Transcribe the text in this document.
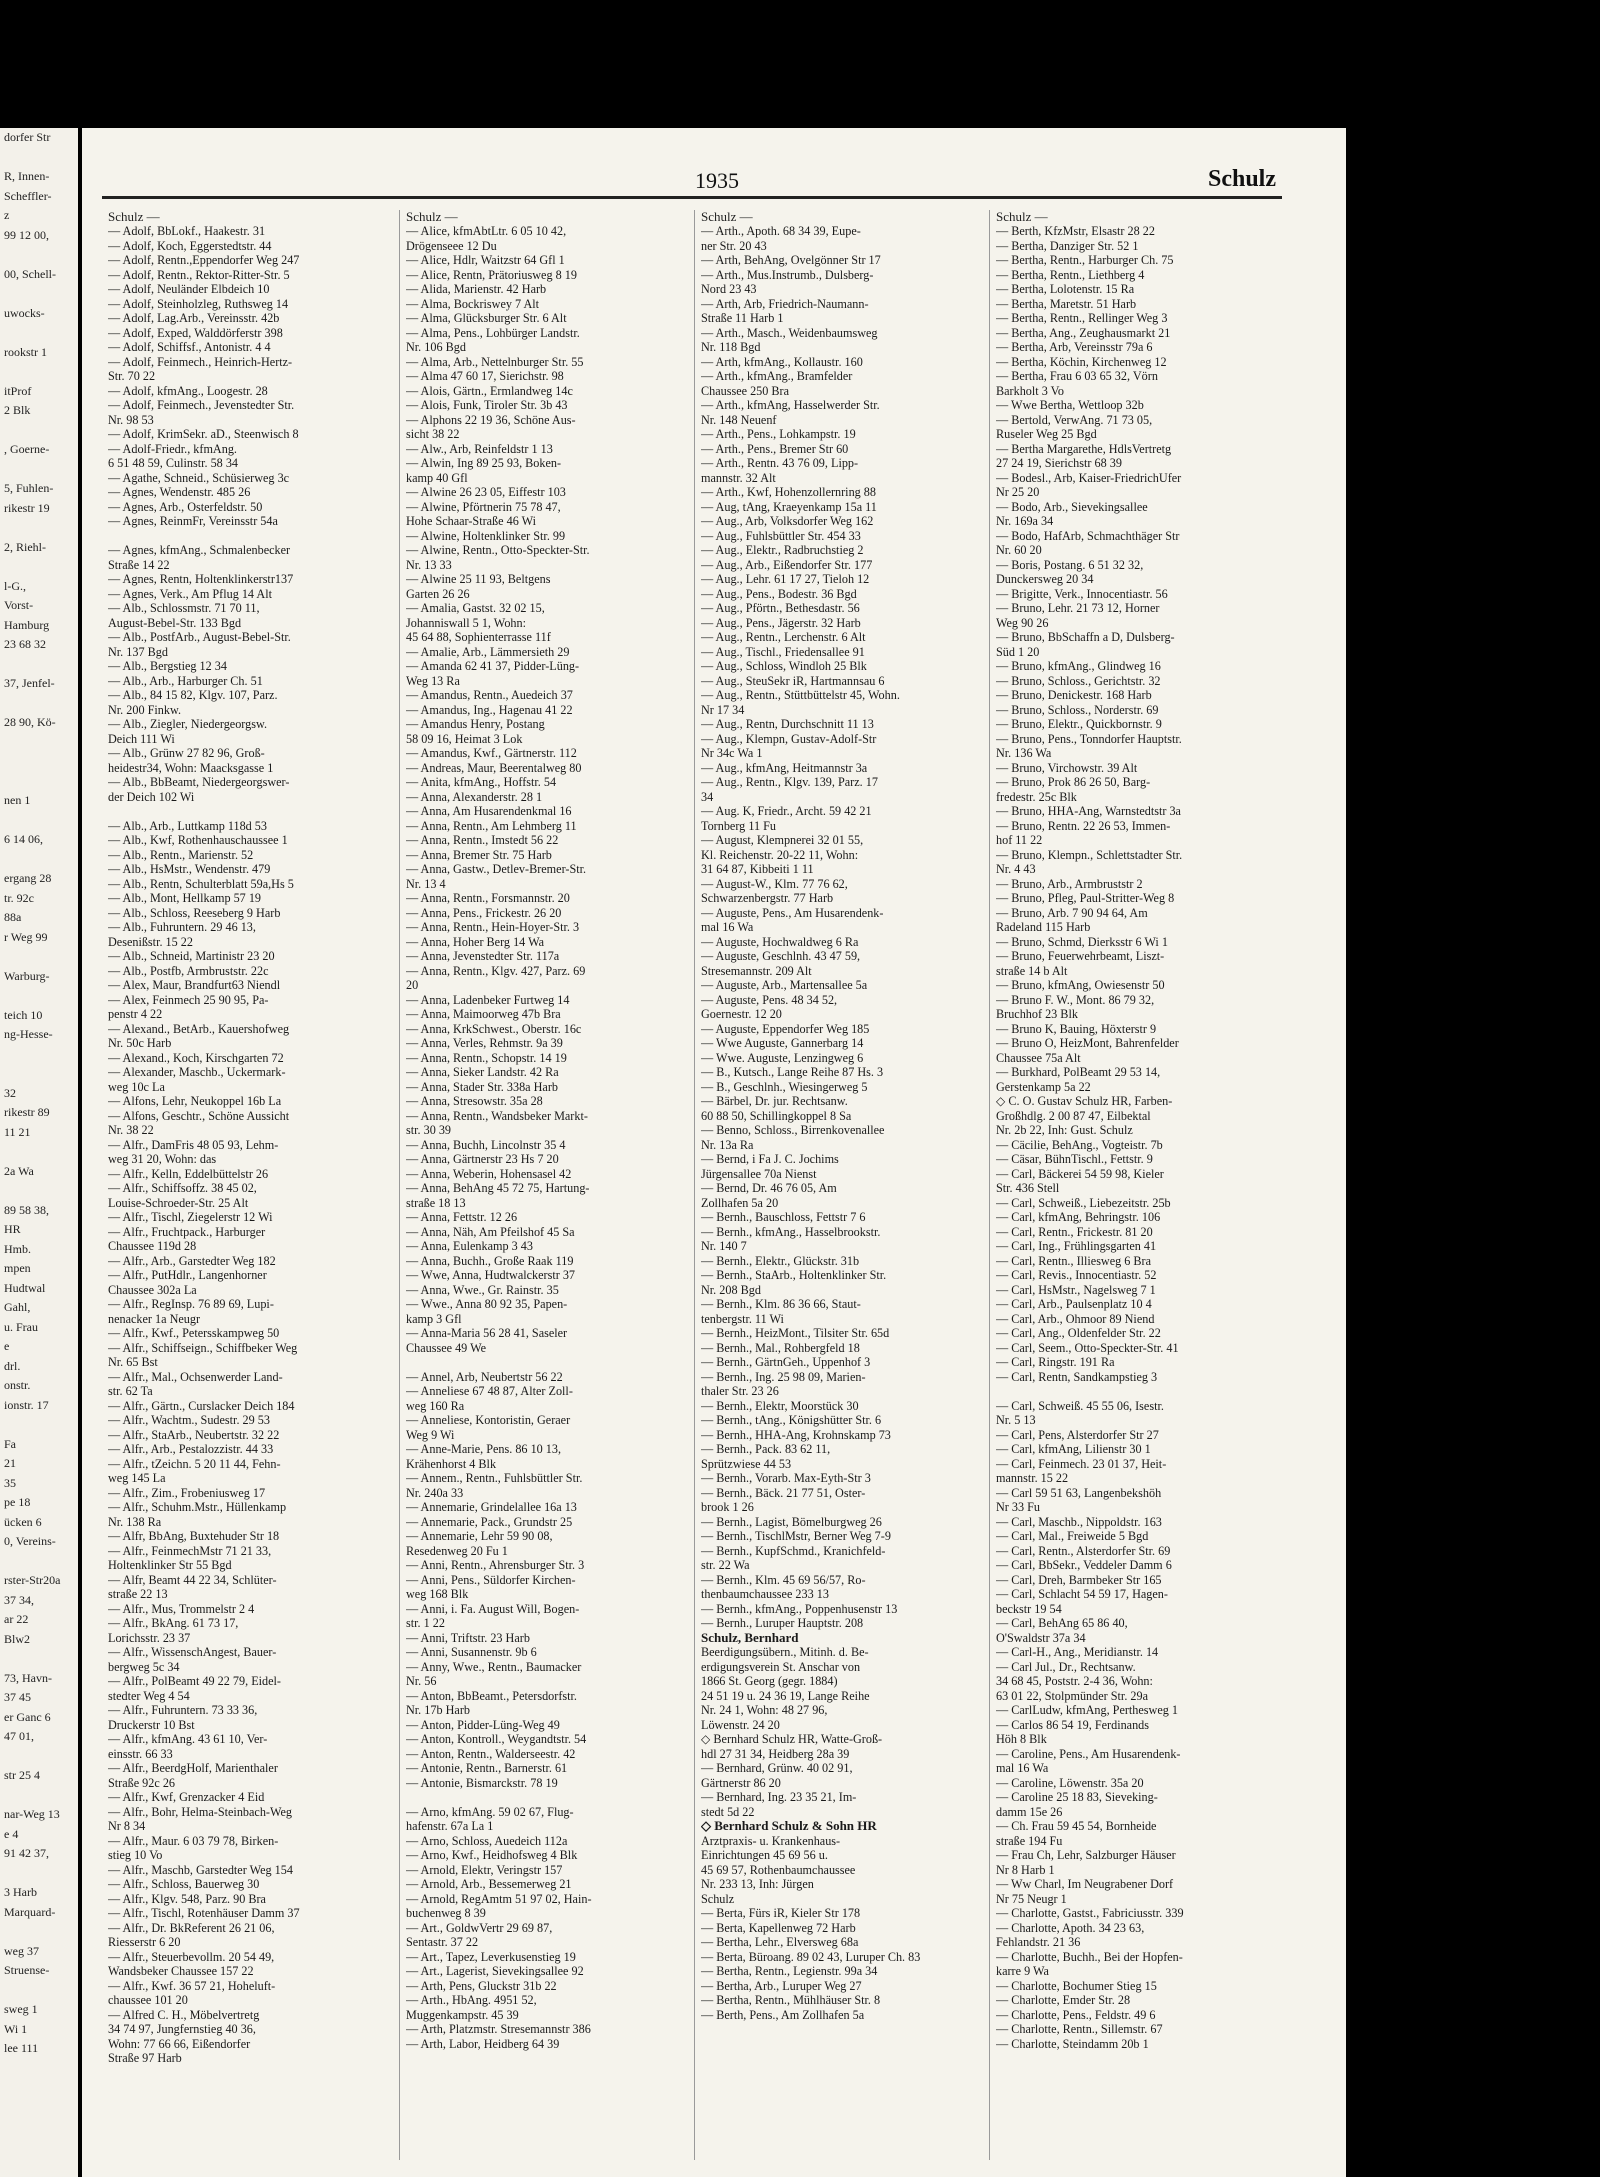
dorfer Str

R, Innen-
Scheffler-
z
99 12 00,

00, Schell-

uwocks-

rookstr 1

itProf
2 Blk

, Goerne-

5, Fuhlen-
rikestr 19

2, Riehl-

l-G.,
Vorst-
Hamburg
23 68 32

37, Jenfel-

28 90, Kö-

nen 1

6 14 06,

ergang 28
tr. 92c
88a
r Weg 99

Warburg-

teich 10
ng-Hesse-

32
rikestr 89
11 21

2a Wa

89 58 38,
HR
Hmb.
mpen
Hudtwal
Gahl,
u. Frau
e
drl.
onstr.
ionstr. 17

Fa
21
35
pe 18
ücken 6
0, Vereins-

rster-Str20a
37 34,
ar 22
Blw2

73, Havn-
37 45
er Ganc 6
47 01,

str 25 4

nar-Weg 13
e 4
91 42 37,

3 Harb
Marquard-

weg 37
Struense-

sweg 1
Wi 1
lee 111
1935	Schulz
Schulz —
— Adolf, BbLokf., Haakestr. 31
— Adolf, Koch, Eggerstedtstr. 44
— Adolf, Rentn.,Eppendorfer Weg 247
— Adolf, Rentn., Rektor-Ritter-Str. 5
— Adolf, Neuländer Elbdeich 10
— Adolf, Steinholzleg, Ruthsweg 14
— Adolf, Lag.Arb., Vereinsstr. 42b
— Adolf, Exped, Walddörferstr 398
— Adolf, Schiffsf., Antonistr. 4 4
— Adolf, Feinmech., Heinrich-Hertz-
Str. 70 22
— Adolf, kfmAng., Loogestr. 28
— Adolf, Feinmech., Jevenstedter Str.
Nr. 98 53
— Adolf, KrimSekr. aD., Steenwisch 8
— Adolf-Friedr., kfmAng.
6 51 48 59, Culinstr. 58 34
— Agathe, Schneid., Schüsierweg 3c
— Agnes, Wendenstr. 485 26
— Agnes, Arb., Osterfeldstr. 50
— Agnes, ReinmFr, Vereinsstr 54a

— Agnes, kfmAng., Schmalenbecker
Straße 14 22
— Agnes, Rentn, Holtenklinkerstr137
— Agnes, Verk., Am Pflug 14 Alt
— Alb., Schlossmstr. 71 70 11,
August-Bebel-Str. 133 Bgd
— Alb., PostfArb., August-Bebel-Str.
Nr. 137 Bgd
— Alb., Bergstieg 12 34
— Alb., Arb., Harburger Ch. 51
— Alb., 84 15 82, Klgv. 107, Parz.
Nr. 200 Finkw.
— Alb., Ziegler, Niedergeorgsw.
Deich 111 Wi
— Alb., Grünw 27 82 96, Groß-
heidestr34, Wohn: Maacksgasse 1
— Alb., BbBeamt, Niedergeorgswer-
der Deich 102 Wi

— Alb., Arb., Luttkamp 118d 53
— Alb., Kwf, Rothenhauschaussee 1
— Alb., Rentn., Marienstr. 52
— Alb., HsMstr., Wendenstr. 479
— Alb., Rentn, Schulterblatt 59a,Hs 5
— Alb., Mont, Hellkamp 57 19
— Alb., Schloss, Reeseberg 9 Harb
— Alb., Fuhruntern. 29 46 13,
Desenißstr. 15 22
— Alb., Schneid, Martinistr 23 20
— Alb., Postfb, Armbruststr. 22c
— Alex, Maur, Brandfurt63 Niendl
— Alex, Feinmech 25 90 95, Pa-
penstr 4 22
— Alexand., BetArb., Kauershofweg
Nr. 50c Harb
— Alexand., Koch, Kirschgarten 72
— Alexander, Maschb., Uckermark-
weg 10c La
— Alfons, Lehr, Neukoppel 16b La
— Alfons, Geschtr., Schöne Aussicht
Nr. 38 22
— Alfr., DamFris 48 05 93, Lehm-
weg 31 20, Wohn: das
— Alfr., Kelln, Eddelbüttelstr 26
— Alfr., Schiffsoffz. 38 45 02,
Louise-Schroeder-Str. 25 Alt
— Alfr., Tischl, Ziegelerstr 12 Wi
— Alfr., Fruchtpack., Harburger
Chaussee 119d 28
— Alfr., Arb., Garstedter Weg 182
— Alfr., PutHdlr., Langenhorner
Chaussee 302a La
— Alfr., RegInsp. 76 89 69, Lupi-
nenacker 1a Neugr
— Alfr., Kwf., Petersskampweg 50
— Alfr., Schiffseign., Schiffbeker Weg
Nr. 65 Bst
— Alfr., Mal., Ochsenwerder Land-
str. 62 Ta
— Alfr., Gärtn., Curslacker Deich 184
— Alfr., Wachtm., Sudestr. 29 53
— Alfr., StaArb., Neubertstr. 32 22
— Alfr., Arb., Pestalozzistr. 44 33
— Alfr., tZeichn. 5 20 11 44, Fehn-
weg 145 La
— Alfr., Zim., Frobeniusweg 17
— Alfr., Schuhm.Mstr., Hüllenkamp
Nr. 138 Ra
— Alfr, BbAng, Buxtehuder Str 18
— Alfr., FeinmechMstr 71 21 33,
Holtenklinker Str 55 Bgd
— Alfr, Beamt 44 22 34, Schlüter-
straße 22 13
— Alfr., Mus, Trommelstr 2 4
— Alfr., BkAng. 61 73 17,
Lorichsstr. 23 37
— Alfr., WissenschAngest, Bauer-
bergweg 5c 34
— Alfr., PolBeamt 49 22 79, Eidel-
stedter Weg 4 54
— Alfr., Fuhruntern. 73 33 36,
Druckerstr 10 Bst
— Alfr., kfmAng. 43 61 10, Ver-
einsstr. 66 33
— Alfr., BeerdgHolf, Marienthaler
Straße 92c 26
— Alfr., Kwf, Grenzacker 4 Eid
— Alfr., Bohr, Helma-Steinbach-Weg
Nr 8 34
— Alfr., Maur. 6 03 79 78, Birken-
stieg 10 Vo
— Alfr., Maschb, Garstedter Weg 154
— Alfr., Schloss, Bauerweg 30
— Alfr., Klgv. 548, Parz. 90 Bra
— Alfr., Tischl, Rotenhäuser Damm 37
— Alfr., Dr. BkReferent 26 21 06,
Riesserstr 6 20
— Alfr., Steuerbevollm. 20 54 49,
Wandsbeker Chaussee 157 22
— Alfr., Kwf. 36 57 21, Hoheluft-
chaussee 101 20
— Alfred C. H., Möbelvertretg
34 74 97, Jungfernstieg 40 36,
Wohn: 77 66 66, Eißendorfer
Straße 97 Harb
Schulz —
— Alice, kfmAbtLtr. 6 05 10 42,
Drögenseee 12 Du
— Alice, Hdlr, Waitzstr 64 Gfl 1
— Alice, Rentn, Prätoriusweg 8 19
— Alida, Marienstr. 42 Harb
— Alma, Bockriswey 7 Alt
— Alma, Glücksburger Str. 6 Alt
— Alma, Pens., Lohbürger Landstr.
Nr. 106 Bgd
— Alma, Arb., Nettelnburger Str. 55
— Alma 47 60 17, Sierichstr. 98
— Alois, Gärtn., Ermlandweg 14c
— Alois, Funk, Tiroler Str. 3b 43
— Alphons 22 19 36, Schöne Aus-
sicht 38 22
— Alw., Arb, Reinfeldstr 1 13
— Alwin, Ing 89 25 93, Boken-
kamp 40 Gfl
— Alwine 26 23 05, Eiffestr 103
— Alwine, Pförtnerin 75 78 47,
Hohe Schaar-Straße 46 Wi
— Alwine, Holtenklinker Str. 99
— Alwine, Rentn., Otto-Speckter-Str.
Nr. 13 33
— Alwine 25 11 93, Beltgens
Garten 26 26
— Amalia, Gastst. 32 02 15,
Johanniswall 5 1, Wohn:
45 64 88, Sophienterrasse 11f
— Amalie, Arb., Lämmersieth 29
— Amanda 62 41 37, Pidder-Lüng-
Weg 13 Ra
— Amandus, Rentn., Auedeich 37
— Amandus, Ing., Hagenau 41 22
— Amandus Henry, Postang
58 09 16, Heimat 3 Lok
— Amandus, Kwf., Gärtnerstr. 112
— Andreas, Maur, Beerentalweg 80
— Anita, kfmAng., Hoffstr. 54
— Anna, Alexanderstr. 28 1
— Anna, Am Husarendenkmal 16
— Anna, Rentn., Am Lehmberg 11
— Anna, Rentn., Imstedt 56 22
— Anna, Bremer Str. 75 Harb
— Anna, Gastw., Detlev-Bremer-Str.
Nr. 13 4
— Anna, Rentn., Forsmannstr. 20
— Anna, Pens., Frickestr. 26 20
— Anna, Rentn., Hein-Hoyer-Str. 3
— Anna, Hoher Berg 14 Wa
— Anna, Jevenstedter Str. 117a
— Anna, Rentn., Klgv. 427, Parz. 69
20
— Anna, Ladenbeker Furtweg 14
— Anna, Maimoorweg 47b Bra
— Anna, KrkSchwest., Oberstr. 16c
— Anna, Verles, Rehmstr. 9a 39
— Anna, Rentn., Schopstr. 14 19
— Anna, Sieker Landstr. 42 Ra
— Anna, Stader Str. 338a Harb
— Anna, Stresowstr. 35a 28
— Anna, Rentn., Wandsbeker Markt-
str. 30 39
— Anna, Buchh, Lincolnstr 35 4
— Anna, Gärtnerstr 23 Hs 7 20
— Anna, Weberin, Hohensasel 42
— Anna, BehAng 45 72 75, Hartung-
straße 18 13
— Anna, Fettstr. 12 26
— Anna, Näh, Am Pfeilshof 45 Sa
— Anna, Eulenkamp 3 43
— Anna, Buchh., Große Raak 119
— Wwe, Anna, Hudtwalckerstr 37
— Anna, Wwe., Gr. Rainstr. 35
— Wwe., Anna 80 92 35, Papen-
kamp 3 Gfl
— Anna-Maria 56 28 41, Saseler
Chaussee 49 We

— Annel, Arb, Neubertstr 56 22
— Anneliese 67 48 87, Alter Zoll-
weg 160 Ra
— Anneliese, Kontoristin, Geraer
Weg 9 Wi
— Anne-Marie, Pens. 86 10 13,
Krähenhorst 4 Blk
— Annem., Rentn., Fuhlsbüttler Str.
Nr. 240a 33
— Annemarie, Grindelallee 16a 13
— Annemarie, Pack., Grundstr 25
— Annemarie, Lehr 59 90 08,
Resedenweg 20 Fu 1
— Anni, Rentn., Ahrensburger Str. 3
— Anni, Pens., Süldorfer Kirchen-
weg 168 Blk
— Anni, i. Fa. August Will, Bogen-
str. 1 22
— Anni, Triftstr. 23 Harb
— Anni, Susannenstr. 9b 6
— Anny, Wwe., Rentn., Baumacker
Nr. 56
— Anton, BbBeamt., Petersdorfstr.
Nr. 17b Harb
— Anton, Pidder-Lüng-Weg 49
— Anton, Kontroll., Weygandtstr. 54
— Anton, Rentn., Walderseestr. 42
— Antonie, Rentn., Barnerstr. 61
— Antonie, Bismarckstr. 78 19

— Arno, kfmAng. 59 02 67, Flug-
hafenstr. 67a La 1
— Arno, Schloss, Auedeich 112a
— Arno, Kwf., Heidhofsweg 4 Blk
— Arnold, Elektr, Veringstr 157
— Arnold, Arb., Bessemerweg 21
— Arnold, RegAmtm 51 97 02, Hain-
buchenweg 8 39
— Art., GoldwVertr 29 69 87,
Sentastr. 37 22
— Art., Tapez, Leverkusenstieg 19
— Art., Lagerist, Sievekingsallee 92
— Arth, Pens, Gluckstr 31b 22
— Arth., HbAng. 4951 52,
Muggenkampstr. 45 39
— Arth, Platzmstr. Stresemannstr 386
— Arth, Labor, Heidberg 64 39
Schulz —
— Arth., Apoth. 68 34 39, Eupe-
ner Str. 20 43
— Arth, BehAng, Ovelgönner Str 17
— Arth., Mus.Instrumb., Dulsberg-
Nord 23 43
— Arth, Arb, Friedrich-Naumann-
Straße 11 Harb 1
— Arth., Masch., Weidenbaumsweg
Nr. 118 Bgd
— Arth, kfmAng., Kollaustr. 160
— Arth., kfmAng., Bramfelder
Chaussee 250 Bra
— Arth., kfmAng, Hasselwerder Str.
Nr. 148 Neuenf
— Arth., Pens., Lohkampstr. 19
— Arth., Pens., Bremer Str 60
— Arth., Rentn. 43 76 09, Lipp-
mannstr. 32 Alt
— Arth., Kwf, Hohenzollernring 88
— Aug, tAng, Kraeyenkamp 15a 11
— Aug., Arb, Volksdorfer Weg 162
— Aug., Fuhlsbüttler Str. 454 33
— Aug., Elektr., Radbruchstieg 2
— Aug., Arb., Eißendorfer Str. 177
— Aug., Lehr. 61 17 27, Tieloh 12
— Aug., Pens., Bodestr. 36 Bgd
— Aug., Pförtn., Bethesdastr. 56
— Aug., Pens., Jägerstr. 32 Harb
— Aug., Rentn., Lerchenstr. 6 Alt
— Aug., Tischl., Friedensallee 91
— Aug., Schloss, Windloh 25 Blk
— Aug., SteuSekr iR, Hartmannsau 6
— Aug., Rentn., Stüttbüttelstr 45, Wohn.
Nr 17 34
— Aug., Rentn, Durchschnitt 11 13
— Aug., Klempn, Gustav-Adolf-Str
Nr 34c Wa 1
— Aug., kfmAng, Heitmannstr 3a
— Aug., Rentn., Klgv. 139, Parz. 17
34
— Aug. K, Friedr., Archt. 59 42 21
Tornberg 11 Fu
— August, Klempnerei 32 01 55,
Kl. Reichenstr. 20-22 11, Wohn:
31 64 87, Kibbeiti 1 11
— August-W., Klm. 77 76 62,
Schwarzenbergstr. 77 Harb
— Auguste, Pens., Am Husarendenk-
mal 16 Wa
— Auguste, Hochwaldweg 6 Ra
— Auguste, Geschlnh. 43 47 59,
Stresemannstr. 209 Alt
— Auguste, Arb., Martensallee 5a
— Auguste, Pens. 48 34 52,
Goernestr. 12 20
— Auguste, Eppendorfer Weg 185
— Wwe Auguste, Gannerbarg 14
— Wwe. Auguste, Lenzingweg 6
— B., Kutsch., Lange Reihe 87 Hs. 3
— B., Geschlnh., Wiesingerweg 5
— Bärbel, Dr. jur. Rechtsanw.
60 88 50, Schillingkoppel 8 Sa
— Benno, Schloss., Birrenkovenallee
Nr. 13a Ra
— Bernd, i Fa J. C. Jochims
Jürgensallee 70a Nienst
— Bernd, Dr. 46 76 05, Am
Zollhafen 5a 20
— Bernh., Bauschloss, Fettstr 7 6
— Bernh., kfmAng., Hasselbrookstr.
Nr. 140 7
— Bernh., Elektr., Glückstr. 31b
— Bernh., StaArb., Holtenklinker Str.
Nr. 208 Bgd
— Bernh., Klm. 86 36 66, Staut-
tenbergstr. 11 Wi
— Bernh., HeizMont., Tilsiter Str. 65d
— Bernh., Mal., Rohbergfeld 18
— Bernh., GärtnGeh., Uppenhof 3
— Bernh., Ing. 25 98 09, Marien-
thaler Str. 23 26
— Bernh., Elektr, Moorstück 30
— Bernh., tAng., Königshütter Str. 6
— Bernh., HHA-Ang, Krohnskamp 73
— Bernh., Pack. 83 62 11,
Sprützwiese 44 53
— Bernh., Vorarb. Max-Eyth-Str 3
— Bernh., Bäck. 21 77 51, Oster-
brook 1 26
— Bernh., Lagist, Bömelburgweg 26
— Bernh., TischlMstr, Berner Weg 7-9
— Bernh., KupfSchmd., Kranichfeld-
str. 22 Wa
— Bernh., Klm. 45 69 56/57, Ro-
thenbaumchaussee 233 13
— Bernh., kfmAng., Poppenhusenstr 13
— Bernh., Luruper Hauptstr. 208
Schulz, Bernhard
Beerdigungsübern., Mitinh. d. Be-
erdigungsverein St. Anschar von
1866 St. Georg (gegr. 1884)
24 51 19 u. 24 36 19, Lange Reihe
Nr. 24 1, Wohn: 48 27 96,
Löwenstr. 24 20
◇ Bernhard Schulz HR, Watte-Groß-
hdl 27 31 34, Heidberg 28a 39
— Bernhard, Grünw. 40 02 91,
Gärtnerstr 86 20
— Bernhard, Ing. 23 35 21, Im-
stedt 5d 22
◇ Bernhard Schulz & Sohn HR
Arztpraxis- u. Krankenhaus-
Einrichtungen 45 69 56 u.
45 69 57, Rothenbaumchaussee
Nr. 233 13, Inh: Jürgen
Schulz
— Berta, Fürs iR, Kieler Str 178
— Berta, Kapellenweg 72 Harb
— Bertha, Lehr., Elversweg 68a
— Berta, Büroang. 89 02 43, Luruper Ch. 83
— Bertha, Rentn., Legienstr. 99a 34
— Bertha, Arb., Luruper Weg 27
— Bertha, Rentn., Mühlhäuser Str. 8
— Berth, Pens., Am Zollhafen 5a
Schulz —
— Berth, KfzMstr, Elsastr 28 22
— Bertha, Danziger Str. 52 1
— Bertha, Rentn., Harburger Ch. 75
— Bertha, Rentn., Liethberg 4
— Bertha, Lolotenstr. 15 Ra
— Bertha, Maretstr. 51 Harb
— Bertha, Rentn., Rellinger Weg 3
— Bertha, Ang., Zeughausmarkt 21
— Bertha, Arb, Vereinsstr 79a 6
— Bertha, Köchin, Kirchenweg 12
— Bertha, Frau 6 03 65 32, Vörn
Barkholt 3 Vo
— Wwe Bertha, Wettloop 32b
— Bertold, VerwAng. 71 73 05,
Ruseler Weg 25 Bgd
— Bertha Margarethe, HdlsVertretg
27 24 19, Sierichstr 68 39
— Bodesl., Arb, Kaiser-FriedrichUfer
Nr 25 20
— Bodo, Arb., Sievekingsallee
Nr. 169a 34
— Bodo, HafArb, Schmachthäger Str
Nr. 60 20
— Boris, Postang. 6 51 32 32,
Dunckersweg 20 34
— Brigitte, Verk., Innocentiastr. 56
— Bruno, Lehr. 21 73 12, Horner
Weg 90 26
— Bruno, BbSchaffn a D, Dulsberg-
Süd 1 20
— Bruno, kfmAng., Glindweg 16
— Bruno, Schloss., Gerichtstr. 32
— Bruno, Denickestr. 168 Harb
— Bruno, Schloss., Norderstr. 69
— Bruno, Elektr., Quickbornstr. 9
— Bruno, Pens., Tonndorfer Hauptstr.
Nr. 136 Wa
— Bruno, Virchowstr. 39 Alt
— Bruno, Prok 86 26 50, Barg-
fredestr. 25c Blk
— Bruno, HHA-Ang, Warnstedtstr 3a
— Bruno, Rentn. 22 26 53, Immen-
hof 11 22
— Bruno, Klempn., Schlettstadter Str.
Nr. 4 43
— Bruno, Arb., Armbruststr 2
— Bruno, Pfleg, Paul-Stritter-Weg 8
— Bruno, Arb. 7 90 94 64, Am
Radeland 115 Harb
— Bruno, Schmd, Dierksstr 6 Wi 1
— Bruno, Feuerwehrbeamt, Liszt-
straße 14 b Alt
— Bruno, kfmAng, Owiesenstr 50
— Bruno F. W., Mont. 86 79 32,
Bruchhof 23 Blk
— Bruno K, Bauing, Höxterstr 9
— Bruno O, HeizMont, Bahrenfelder
Chaussee 75a Alt
— Burkhard, PolBeamt 29 53 14,
Gerstenkamp 5a 22
◇ C. O. Gustav Schulz HR, Farben-
Großhdlg. 2 00 87 47, Eilbektal
Nr. 2b 22, Inh: Gust. Schulz
— Cäcilie, BehAng., Vogteistr. 7b
— Cäsar, BühnTischl., Fettstr. 9
— Carl, Bäckerei 54 59 98, Kieler
Str. 436 Stell
— Carl, Schweiß., Liebezeitstr. 25b
— Carl, kfmAng, Behringstr. 106
— Carl, Rentn., Frickestr. 81 20
— Carl, Ing., Frühlingsgarten 41
— Carl, Rentn., Illiesweg 6 Bra
— Carl, Revis., Innocentiastr. 52
— Carl, HsMstr., Nagelsweg 7 1
— Carl, Arb., Paulsenplatz 10 4
— Carl, Arb., Ohmoor 89 Niend
— Carl, Ang., Oldenfelder Str. 22
— Carl, Seem., Otto-Speckter-Str. 41
— Carl, Ringstr. 191 Ra
— Carl, Rentn, Sandkampstieg 3

— Carl, Schweiß. 45 55 06, Isestr.
Nr. 5 13
— Carl, Pens, Alsterdorfer Str 27
— Carl, kfmAng, Lilienstr 30 1
— Carl, Feinmech. 23 01 37, Heit-
mannstr. 15 22
— Carl 59 51 63, Langenbekshöh
Nr 33 Fu
— Carl, Maschb., Nippoldstr. 163
— Carl, Mal., Freiweide 5 Bgd
— Carl, Rentn., Alsterdorfer Str. 69
— Carl, BbSekr., Veddeler Damm 6
— Carl, Dreh, Barmbeker Str 165
— Carl, Schlacht 54 59 17, Hagen-
beckstr 19 54
— Carl, BehAng 65 86 40,
O'Swaldstr 37a 34
— Carl-H., Ang., Meridianstr. 14
— Carl Jul., Dr., Rechtsanw.
34 68 45, Poststr. 2-4 36, Wohn:
63 01 22, Stolpmünder Str. 29a
— CarlLudw, kfmAng, Perthesweg 1
— Carlos 86 54 19, Ferdinands
Höh 8 Blk
— Caroline, Pens., Am Husarendenk-
mal 16 Wa
— Caroline, Löwenstr. 35a 20
— Caroline 25 18 83, Sieveking-
damm 15e 26
— Ch. Frau 59 45 54, Bornheide
straße 194 Fu
— Frau Ch, Lehr, Salzburger Häuser
Nr 8 Harb 1
— Ww Charl, Im Neugrabener Dorf
Nr 75 Neugr 1
— Charlotte, Gastst., Fabriciusstr. 339
— Charlotte, Apoth. 34 23 63,
Fehlandstr. 21 36
— Charlotte, Buchh., Bei der Hopfen-
karre 9 Wa
— Charlotte, Bochumer Stieg 15
— Charlotte, Emder Str. 28
— Charlotte, Pens., Feldstr. 49 6
— Charlotte, Rentn., Sillemstr. 67
— Charlotte, Steindamm 20b 1
